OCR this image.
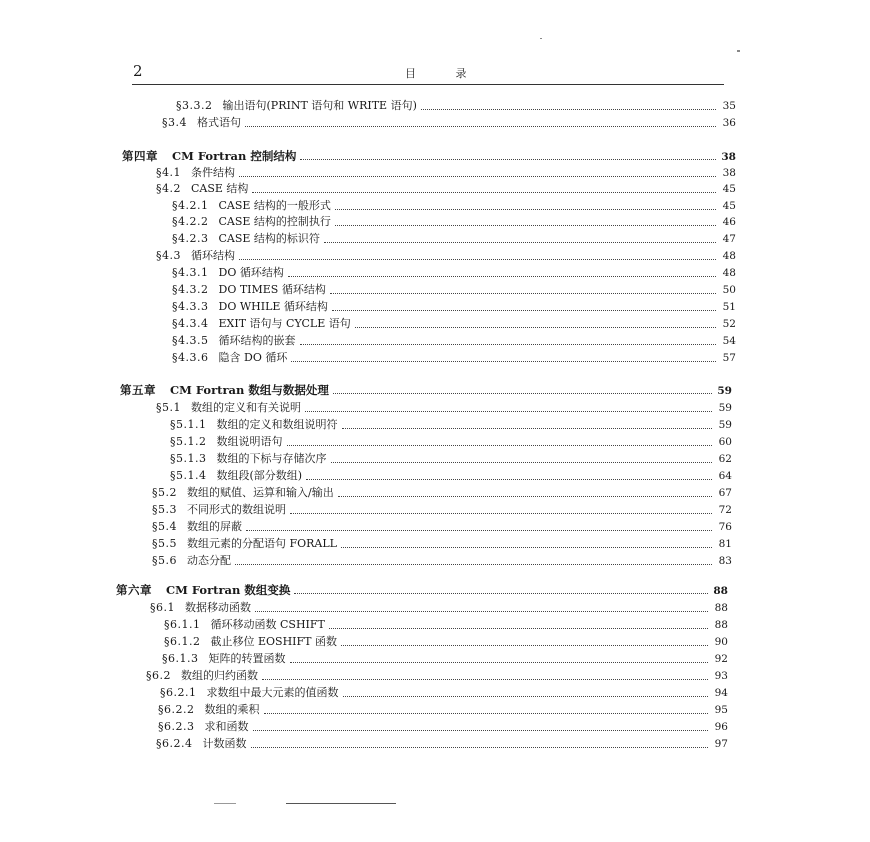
2	目 录
§3.3.2 输出语句(PRINT 语句和 WRITE 语句)	35
§3.4 格式语句	36
第四章 CM Fortran 控制结构	38
§4.1 条件结构	38
§4.2 CASE 结构	45
§4.2.1 CASE 结构的一般形式	45
§4.2.2 CASE 结构的控制执行	46
§4.2.3 CASE 结构的标识符	47
§4.3 循环结构	48
§4.3.1 DO 循环结构	48
§4.3.2 DO TIMES 循环结构	50
§4.3.3 DO WHILE 循环结构	51
§4.3.4 EXIT 语句与 CYCLE 语句	52
§4.3.5 循环结构的嵌套	54
§4.3.6 隐含 DO 循环	57
第五章 CM Fortran 数组与数据处理	59
§5.1 数组的定义和有关说明	59
§5.1.1 数组的定义和数组说明符	59
§5.1.2 数组说明语句	60
§5.1.3 数组的下标与存储次序	62
§5.1.4 数组段(部分数组)	64
§5.2 数组的赋值、运算和输入/输出	67
§5.3 不同形式的数组说明	72
§5.4 数组的屏蔽	76
§5.5 数组元素的分配语句 FORALL	81
§5.6 动态分配	83
第六章 CM Fortran 数组变换	88
§6.1 数据移动函数	88
§6.1.1 循环移动函数 CSHIFT	88
§6.1.2 截止移位 EOSHIFT 函数	90
§6.1.3 矩阵的转置函数	92
§6.2 数组的归约函数	93
§6.2.1 求数组中最大元素的值函数	94
§6.2.2 数组的乘积	95
§6.2.3 求和函数	96
§6.2.4 计数函数	97
